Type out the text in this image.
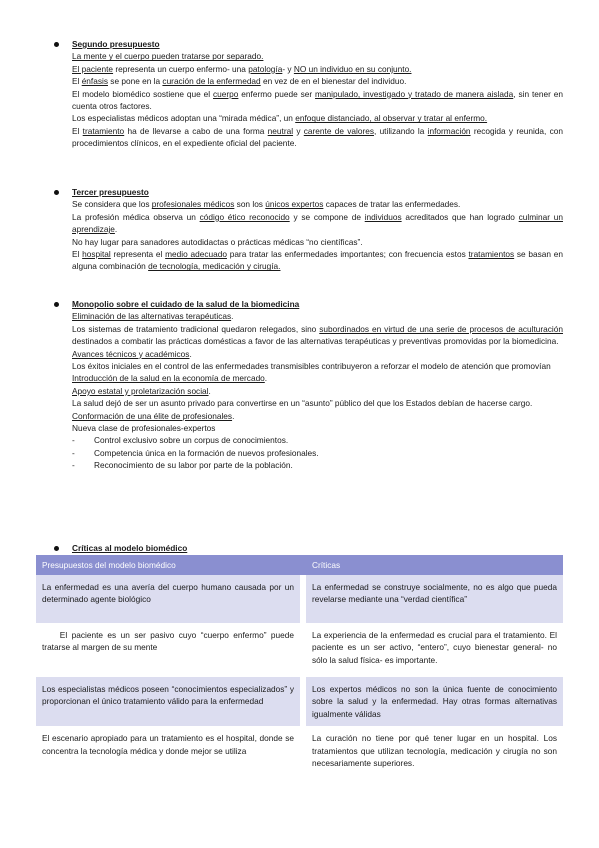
Segundo presupuesto

La mente y el cuerpo pueden tratarse por separado.

El paciente representa un cuerpo enfermo- una patología- y NO un individuo en su conjunto.

El énfasis se pone en la curación de la enfermedad en vez de en el bienestar del individuo.

El modelo biomédico sostiene que el cuerpo enfermo puede ser manipulado, investigado y tratado de manera aislada, sin tener en cuenta otros factores.

Los especialistas médicos adoptan una “mirada médica”, un enfoque distanciado, al observar y tratar al enfermo.

El tratamiento ha de llevarse a cabo de una forma neutral y carente de valores, utilizando la información recogida y reunida, con procedimientos clínicos, en el expediente oficial del paciente.

Tercer presupuesto

Se considera que los profesionales médicos son los únicos expertos capaces de tratar las enfermedades.

La profesión médica observa un código ético reconocido y se compone de individuos acreditados que han logrado culminar un aprendizaje.

No hay lugar para sanadores autodidactas o prácticas médicas “no científicas”.

El hospital representa el medio adecuado para tratar las enfermedades importantes; con frecuencia estos tratamientos se basan en alguna combinación de tecnología, medicación y cirugía.

Monopolio sobre el cuidado de la salud de la biomedicina

Eliminación de las alternativas terapéuticas.

Los sistemas de tratamiento tradicional quedaron relegados, sino subordinados en virtud de una serie de procesos de aculturación destinados a combatir las prácticas domésticas a favor de las alternativas terapéuticas y preventivas promovidas por la biomedicina.

Avances técnicos y académicos.

Los éxitos iniciales en el control de las enfermedades transmisibles contribuyeron a reforzar el modelo de atención que promovían

Introducción de la salud en la economía de mercado.

Apoyo estatal y proletarización social.

La salud dejó de ser un asunto privado para convertirse en un “asunto” público del que los Estados debían de hacerse cargo.

Conformación de una élite de profesionales.

Nueva clase de profesionales-expertos

-	Control exclusivo sobre un corpus de conocimientos.

-	Competencia única en la formación de nuevos profesionales.

-	Reconocimiento de su labor por parte de la población.

Críticas al modelo biomédico

Presupuestos del modelo biomédico	Críticas
La enfermedad es una avería del cuerpo humano causada por un determinado agente biológico	La enfermedad se construye socialmente, no es algo que pueda revelarse mediante una “verdad científica”
El paciente es un ser pasivo cuyo “cuerpo enfermo” puede tratarse al margen de su mente	La experiencia de la enfermedad es crucial para el tratamiento. El paciente es un ser activo, “entero”, cuyo bienestar general- no sólo la salud física- es importante.
Los especialistas médicos poseen “conocimientos especializados” y proporcionan el único tratamiento válido para la enfermedad	Los expertos médicos no son la única fuente de conocimiento sobre la salud y la enfermedad. Hay otras formas alternativas igualmente válidas
El escenario apropiado para un tratamiento es el hospital, donde se concentra la tecnología médica y donde mejor se utiliza	La curación no tiene por qué tener lugar en un hospital. Los tratamientos que utilizan tecnología, medicación y cirugía no son necesariamente superiores.
